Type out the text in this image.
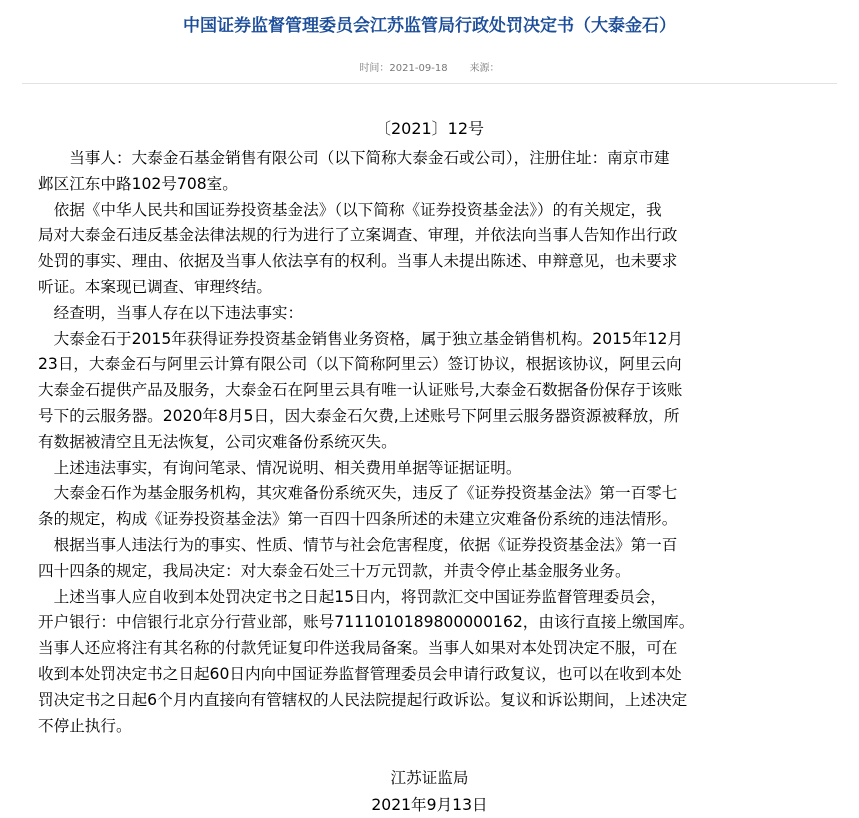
中国证券监督管理委员会江苏监管局行政处罚决定书（大泰金石）
时间：2021-09-18 来源：
〔2021〕12号
　　当事人：大泰金石基金销售有限公司（以下简称大泰金石或公司），注册住址：南京市建
邺区江东中路102号708室。
　依据《中华人民共和国证券投资基金法》（以下简称《证券投资基金法》）的有关规定，我
局对大泰金石违反基金法律法规的行为进行了立案调查、审理，并依法向当事人告知作出行政
处罚的事实、理由、依据及当事人依法享有的权利。当事人未提出陈述、申辩意见，也未要求
听证。本案现已调查、审理终结。
　经查明，当事人存在以下违法事实：
　大泰金石于2015年获得证券投资基金销售业务资格，属于独立基金销售机构。2015年12月
23日，大泰金石与阿里云计算有限公司（以下简称阿里云）签订协议，根据该协议，阿里云向
大泰金石提供产品及服务，大泰金石在阿里云具有唯一认证账号,大泰金石数据备份保存于该账
号下的云服务器。2020年8月5日，因大泰金石欠费,上述账号下阿里云服务器资源被释放，所
有数据被清空且无法恢复，公司灾难备份系统灭失。
　上述违法事实，有询问笔录、情况说明、相关费用单据等证据证明。
　大泰金石作为基金服务机构，其灾难备份系统灭失，违反了《证券投资基金法》第一百零七
条的规定，构成《证券投资基金法》第一百四十四条所述的未建立灾难备份系统的违法情形。
　根据当事人违法行为的事实、性质、情节与社会危害程度，依据《证券投资基金法》第一百
四十四条的规定，我局决定：对大泰金石处三十万元罚款，并责令停止基金服务业务。
　上述当事人应自收到本处罚决定书之日起15日内，将罚款汇交中国证券监督管理委员会，
开户银行：中信银行北京分行营业部，账号7111010189800000162，由该行直接上缴国库。
当事人还应将注有其名称的付款凭证复印件送我局备案。当事人如果对本处罚决定不服，可在
收到本处罚决定书之日起60日内向中国证券监督管理委员会申请行政复议，也可以在收到本处
罚决定书之日起6个月内直接向有管辖权的人民法院提起行政诉讼。复议和诉讼期间，上述决定
不停止执行。
江苏证监局
2021年9月13日
